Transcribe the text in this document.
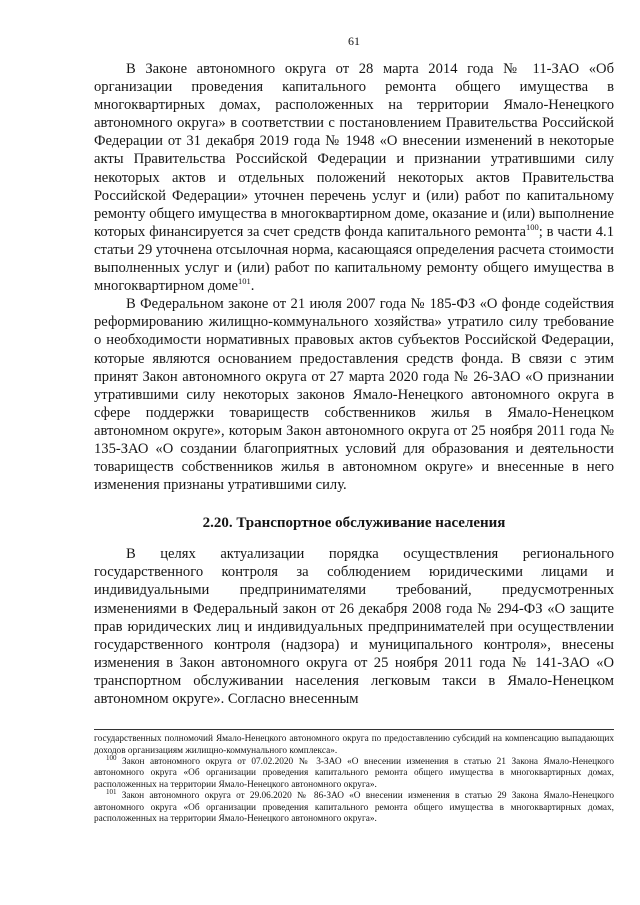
61

В Законе автономного округа от 28 марта 2014 года № 11-ЗАО «Об организации проведения капитального ремонта общего имущества в многоквартирных домах, расположенных на территории Ямало-Ненецкого автономного округа» в соответствии с постановлением Правительства Российской Федерации от 31 декабря 2019 года № 1948 «О внесении изменений в некоторые акты Правительства Российской Федерации и признании утратившими силу некоторых актов и отдельных положений некоторых актов Правительства Российской Федерации» уточнен перечень услуг и (или) работ по капитальному ремонту общего имущества в многоквартирном доме, оказание и (или) выполнение которых финансируется за счет средств фонда капитального ремонта$^{100}$; в части 4.1 статьи 29 уточнена отсылочная норма, касающаяся определения расчета стоимости выполненных услуг и (или) работ по капитальному ремонту общего имущества в многоквартирном доме$^{101}$.

В Федеральном законе от 21 июля 2007 года № 185-ФЗ «О фонде содействия реформированию жилищно-коммунального хозяйства» утратило силу требование о необходимости нормативных правовых актов субъектов Российской Федерации, которые являются основанием предоставления средств фонда. В связи с этим принят Закон автономного округа от 27 марта 2020 года № 26-ЗАО «О признании утратившими силу некоторых законов Ямало-Ненецкого автономного округа в сфере поддержки товариществ собственников жилья в Ямало-Ненецком автономном округе», которым Закон автономного округа от 25 ноября 2011 года № 135-ЗАО «О создании благоприятных условий для образования и деятельности товариществ собственников жилья в автономном округе» и внесенные в него изменения признаны утратившими силу.

2.20. Транспортное обслуживание населения

В целях актуализации порядка осуществления регионального государственного контроля за соблюдением юридическими лицами и индивидуальными предпринимателями требований, предусмотренных изменениями в Федеральный закон от 26 декабря 2008 года № 294-ФЗ «О защите прав юридических лиц и индивидуальных предпринимателей при осуществлении государственного контроля (надзора) и муниципального контроля», внесены изменения в Закон автономного округа от 25 ноября 2011 года № 141-ЗАО «О транспортном обслуживании населения легковым такси в Ямало-Ненецком автономном округе». Согласно внесенным

государственных полномочий Ямало-Ненецкого автономного округа по предоставлению субсидий на компенсацию выпадающих доходов организациям жилищно-коммунального комплекса».

$^{100}$ Закон автономного округа от 07.02.2020 № 3-ЗАО «О внесении изменения в статью 21 Закона Ямало-Ненецкого автономного округа «Об организации проведения капитального ремонта общего имущества в многоквартирных домах, расположенных на территории Ямало-Ненецкого автономного округа».

$^{101}$ Закон автономного округа от 29.06.2020 № 86-ЗАО «О внесении изменения в статью 29 Закона Ямало-Ненецкого автономного округа «Об организации проведения капитального ремонта общего имущества в многоквартирных домах, расположенных на территории Ямало-Ненецкого автономного округа».
